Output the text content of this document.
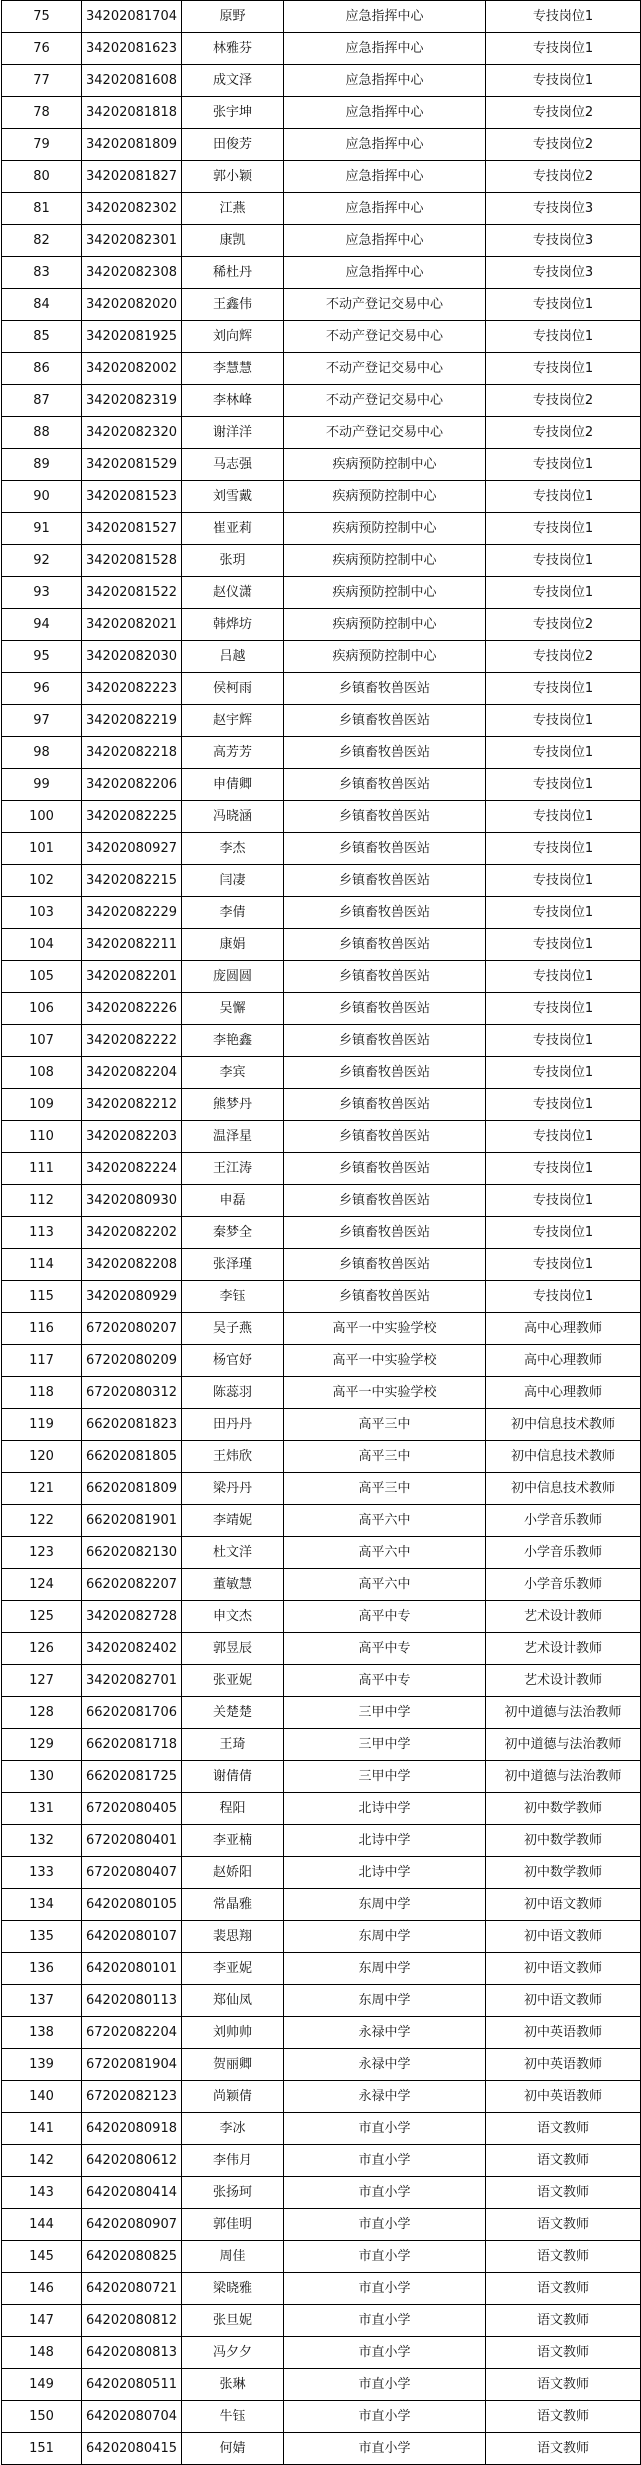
75	34202081704	原野	应急指挥中心	专技岗位1
76	34202081623	林雅芬	应急指挥中心	专技岗位1
77	34202081608	成文泽	应急指挥中心	专技岗位1
78	34202081818	张宇坤	应急指挥中心	专技岗位2
79	34202081809	田俊芳	应急指挥中心	专技岗位2
80	34202081827	郭小颖	应急指挥中心	专技岗位2
81	34202082302	江燕	应急指挥中心	专技岗位3
82	34202082301	康凯	应急指挥中心	专技岗位3
83	34202082308	稀杜丹	应急指挥中心	专技岗位3
84	34202082020	王鑫伟	不动产登记交易中心	专技岗位1
85	34202081925	刘向辉	不动产登记交易中心	专技岗位1
86	34202082002	李慧慧	不动产登记交易中心	专技岗位1
87	34202082319	李林峰	不动产登记交易中心	专技岗位2
88	34202082320	谢洋洋	不动产登记交易中心	专技岗位2
89	34202081529	马志强	疾病预防控制中心	专技岗位1
90	34202081523	刘雪戴	疾病预防控制中心	专技岗位1
91	34202081527	崔亚莉	疾病预防控制中心	专技岗位1
92	34202081528	张玥	疾病预防控制中心	专技岗位1
93	34202081522	赵仪潇	疾病预防控制中心	专技岗位1
94	34202082021	韩烨坊	疾病预防控制中心	专技岗位2
95	34202082030	吕越	疾病预防控制中心	专技岗位2
96	34202082223	侯柯雨	乡镇畜牧兽医站	专技岗位1
97	34202082219	赵宇辉	乡镇畜牧兽医站	专技岗位1
98	34202082218	高芳芳	乡镇畜牧兽医站	专技岗位1
99	34202082206	申倩卿	乡镇畜牧兽医站	专技岗位1
100	34202082225	冯晓涵	乡镇畜牧兽医站	专技岗位1
101	34202080927	李杰	乡镇畜牧兽医站	专技岗位1
102	34202082215	闫凄	乡镇畜牧兽医站	专技岗位1
103	34202082229	李倩	乡镇畜牧兽医站	专技岗位1
104	34202082211	康娟	乡镇畜牧兽医站	专技岗位1
105	34202082201	庞圆圆	乡镇畜牧兽医站	专技岗位1
106	34202082226	吴懈	乡镇畜牧兽医站	专技岗位1
107	34202082222	李艳鑫	乡镇畜牧兽医站	专技岗位1
108	34202082204	李宾	乡镇畜牧兽医站	专技岗位1
109	34202082212	熊梦丹	乡镇畜牧兽医站	专技岗位1
110	34202082203	温泽星	乡镇畜牧兽医站	专技岗位1
111	34202082224	王江涛	乡镇畜牧兽医站	专技岗位1
112	34202080930	申磊	乡镇畜牧兽医站	专技岗位1
113	34202082202	秦梦全	乡镇畜牧兽医站	专技岗位1
114	34202082208	张泽瑾	乡镇畜牧兽医站	专技岗位1
115	34202080929	李钰	乡镇畜牧兽医站	专技岗位1
116	67202080207	吴子燕	高平一中实验学校	高中心理教师
117	67202080209	杨官妤	高平一中实验学校	高中心理教师
118	67202080312	陈蕊羽	高平一中实验学校	高中心理教师
119	66202081823	田丹丹	高平三中	初中信息技术教师
120	66202081805	王炜欣	高平三中	初中信息技术教师
121	66202081809	梁丹丹	高平三中	初中信息技术教师
122	66202081901	李靖妮	高平六中	小学音乐教师
123	66202082130	杜文洋	高平六中	小学音乐教师
124	66202082207	董敏慧	高平六中	小学音乐教师
125	34202082728	申文杰	高平中专	艺术设计教师
126	34202082402	郭昱辰	高平中专	艺术设计教师
127	34202082701	张亚妮	高平中专	艺术设计教师
128	66202081706	关楚楚	三甲中学	初中道德与法治教师
129	66202081718	王琦	三甲中学	初中道德与法治教师
130	66202081725	谢倩倩	三甲中学	初中道德与法治教师
131	67202080405	程阳	北诗中学	初中数学教师
132	67202080401	李亚楠	北诗中学	初中数学教师
133	67202080407	赵娇阳	北诗中学	初中数学教师
134	64202080105	常晶雅	东周中学	初中语文教师
135	64202080107	裴思翔	东周中学	初中语文教师
136	64202080101	李亚妮	东周中学	初中语文教师
137	64202080113	郑仙凤	东周中学	初中语文教师
138	67202082204	刘帅帅	永禄中学	初中英语教师
139	67202081904	贺丽卿	永禄中学	初中英语教师
140	67202082123	尚颖倩	永禄中学	初中英语教师
141	64202080918	李冰	市直小学	语文教师
142	64202080612	李伟月	市直小学	语文教师
143	64202080414	张扬珂	市直小学	语文教师
144	64202080907	郭佳明	市直小学	语文教师
145	64202080825	周佳	市直小学	语文教师
146	64202080721	梁晓雅	市直小学	语文教师
147	64202080812	张旦妮	市直小学	语文教师
148	64202080813	冯夕夕	市直小学	语文教师
149	64202080511	张琳	市直小学	语文教师
150	64202080704	牛钰	市直小学	语文教师
151	64202080415	何婧	市直小学	语文教师
